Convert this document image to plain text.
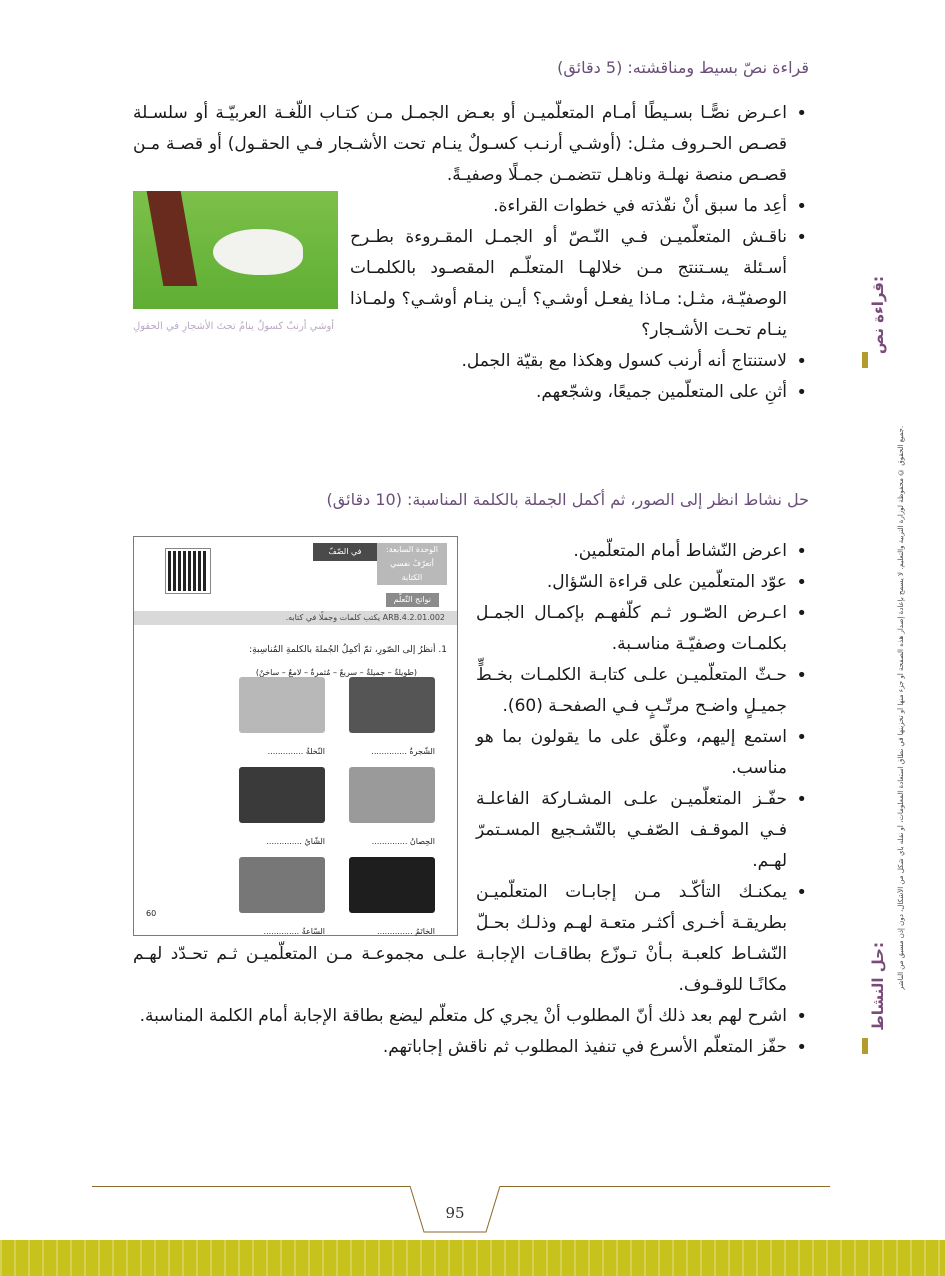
قراءة نصّ بسيط ومناقشته: (5 دقائق)
• اعـرض نصًّـا بسـيطًا أمـام المتعلّميـن أو بعـض الجمـل مـن كتـاب اللّغـة العربيّـة أو سلسـلة قصـص الحـروف مثـل: (أوشـي أرنـب كسـولٌ ينـام تحت الأشـجار فـي الحقـول) أو قصـة مـن قصـص منصة نهلـة وناهـل تتضمـن جمـلًا وصفيـةً.
• أوشي أرنبٌ كسولٌ ينامُ تحتَ الأشجارِ في الحقولِ
أعِد ما سبق أنْ نفّذته في خطوات القراءة.
• ناقـش المتعلّميـن فـي النّـصّ أو الجمـل المقـروءة بطـرح أسـئلة يسـتنتج مـن خلالهـا المتعلّـم المقصـود بالكلمـات الوصفيّـة، مثـل: مـاذا يفعـل أوشـي؟ أيـن ينـام أوشـي؟ ولمـاذا ينـام تحـت الأشـجار؟
• لاستنتاج أنه أرنب كسول وهكذا مع بقيّة الجمل.
• أثنِ على المتعلّمين جميعًا، وشجّعهم.
حل نشاط انظر إلى الصور، ثم أكمل الجملة بالكلمة المناسبة: (10 دقائق)
• الوحدة السابعة: أتعرّفُ نفسي
الكتابة
في الصّفّ
نواتج التّعلّم
ARB.4.2.01.002 يكتب كلمات وجملًا في كتابه.
1. أنظرُ إلى الصّورِ، ثمّ أكمِلُ الجُملةَ بالكلمةِ المُناسِبةِ:
(طويلةٌ – جميلةٌ – سريعٌ – مُثمرةٌ – لامعٌ – ساخنٌ)
الشّجرةُ ..............
النّخلةُ ..............
الحِصانُ ..............
الشّايُ ..............
الخاتَمُ ..............
السّاعةُ ..............
60
اعرض النّشاط أمام المتعلّمين.
• عوّد المتعلّمين على قراءة السّؤال.
• اعـرض الصّـور ثـم كلّفهـم بإكمـال الجمـل بكلمـات وصفيّـة مناسـبة.
• حـثّ المتعلّميـن علـى كتابـة الكلمـات بخـطٍّ جميـلٍ واضـح مرتّـبٍ فـي الصفحـة (60).
• استمع إليهم، وعلّق على ما يقولون بما هو مناسب.
• حفّـز المتعلّميـن علـى المشـاركة الفاعلـة فـي الموقـف الصّفـي بالتّشـجيع المسـتمرّ لهـم.
• يمكنـك التأكّـد مـن إجابـات المتعلّميـن بطريقـة أخـرى أكثـر متعـة لهـم وذلـك بحـلّ النّشـاط كلعبـة بـأنْ تـوزّع بطاقـات الإجابـة علـى مجموعـة مـن المتعلّميـن ثـم تحـدّد لهـم مكانًـا للوقـوف.
• اشرح لهم بعد ذلك أنّ المطلوب أنْ يجري كل متعلّم ليضع بطاقة الإجابة أمام الكلمة المناسبة.
• حفّز المتعلّم الأسرع في تنفيذ المطلوب ثم ناقش إجاباتهم.
قراءة نص:
حل النشاط: جميع الحقوق © محفوظة لوزارة التربية والتعليم. لا يسمح بإعادة إصدار هذه الصفحة أو جزء منها أو تخزينها في نطاق استعادة المعلومات، أو نقله بأي شكل من الأشكال، دون إذن مسبق من الناشر.
95
